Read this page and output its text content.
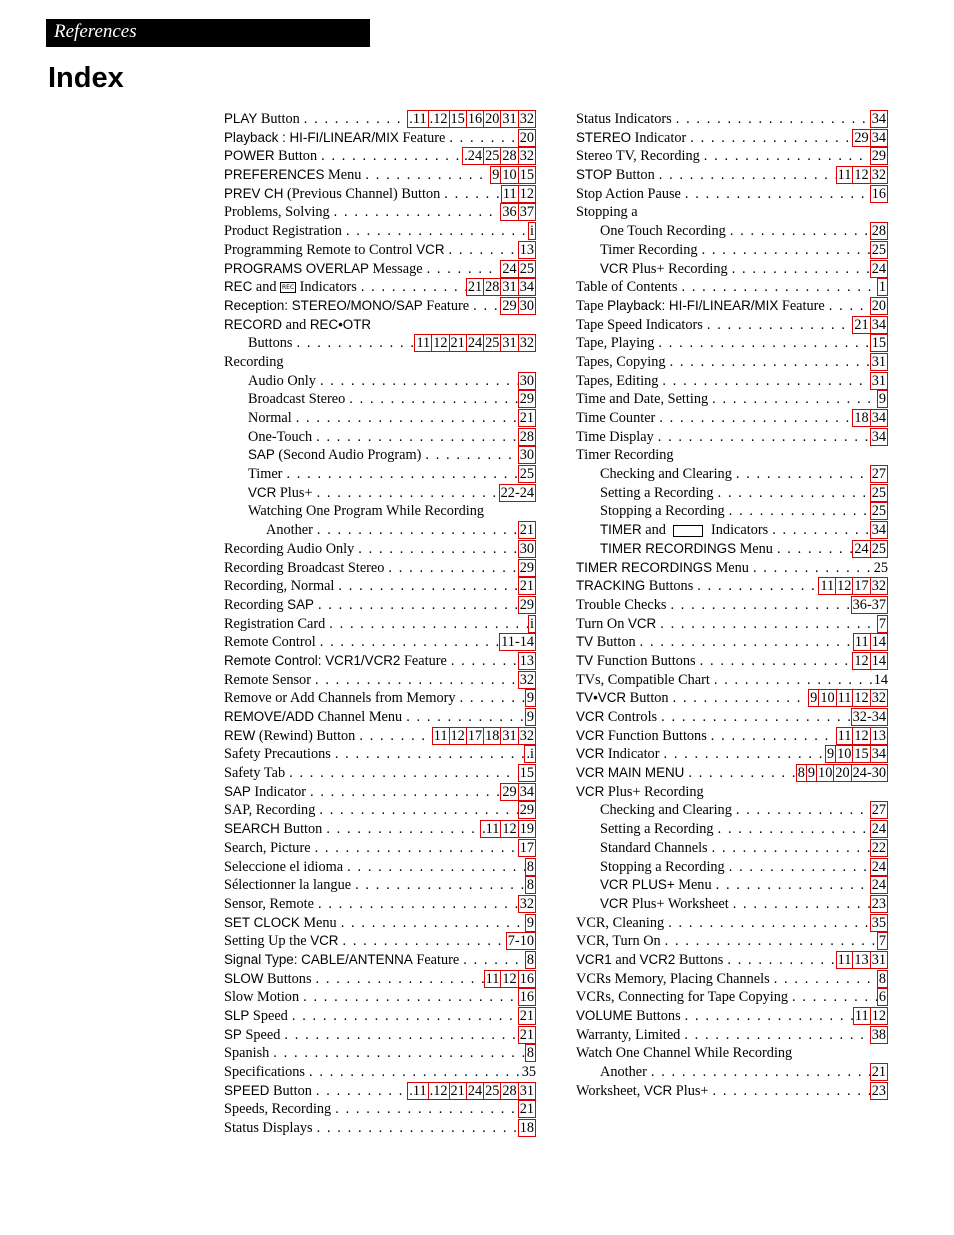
References
Index
PLAY Button . . .	.11 .12 15 16 20 31 32
Playback : HI-FI/LINEAR/MIX Feature . . .	20
POWER Button . . .	.24 25 28 32
PREFERENCES Menu . . .	9 10 15
PREV CH (Previous Channel) Button . . .	11 12
Problems, Solving . . .	36 37
Product Registration . . .	i
Programming Remote to Control VCR . . .	13
PROGRAMS OVERLAP Message . . .	24 25
REC and REC Indicators . . .	21 28 31 34
Reception: STEREO/MONO/SAP Feature . . . 29 30
RECORD and REC•OTR
Buttons . . .	11 12 21 24 25 31 32
Recording
Audio Only . . .	30
Broadcast Stereo . . .	29
Normal . . .	21
One-Touch . . .	28
SAP (Second Audio Program) . . .	30
Timer . . .	25
VCR Plus+ . . .	22-24
Watching One Program While Recording
Another . . .	21
Recording Audio Only . . .	30
Recording Broadcast Stereo . . .	29
Recording, Normal . . .	21
Recording SAP . . .	29
Registration Card . . .	i
Remote Control . . .	11-14
Remote Control: VCR1/VCR2 Feature . . .	13
Remote Sensor . . .	32
Remove or Add Channels from Memory . . .	9
REMOVE/ADD Channel Menu . . .	9
REW (Rewind) Button . . .	11 12 17 18 31 32
Safety Precautions . . .	.i
Safety Tab . . .	15
SAP Indicator . . .	29 34
SAP, Recording . . .	29
SEARCH Button . . .	.11 12 19
Search, Picture . . .	17
Seleccione el idioma . . .	8
Sélectionner la langue . . .	8
Sensor, Remote . . .	32
SET CLOCK Menu . . .	9
Setting Up the VCR . . .	7-10
Signal Type: CABLE/ANTENNA Feature . . .	8
SLOW Buttons . . .	11 12 16
Slow Motion . . .	16
SLP Speed . . .	21
SP Speed . . .	21
Spanish . . .	8
Specifications . . .	35
SPEED Button . . .	.11 .12 21 24 25 28 31
Speeds, Recording . . .	21
Status Displays . . .	18
Status Indicators . . .	34
STEREO Indicator . . .	29 34
Stereo TV, Recording . . .	29
STOP Button . . .	11 12 32
Stop Action Pause . . .	16
Stopping a
One Touch Recording . . .	28
Timer Recording . . .	25
VCR Plus+ Recording . . .	24
Table of Contents . . .	1
Tape Playback: HI-FI/LINEAR/MIX Feature . . .	20
Tape Speed Indicators . . .	21 34
Tape, Playing . . .	15
Tapes, Copying . . .	31
Tapes, Editing . . .	31
Time and Date, Setting . . .	9
Time Counter . . .	18 34
Time Display . . .	34
Timer Recording
Checking and Clearing . . .	27
Setting a Recording . . .	25
Stopping a Recording . . .	25
TIMER and	Indicators . . .	34
TIMER RECORDINGS Menu . . .	24 25
TIMER RECORDINGS Menu . . .	25
TRACKING Buttons . . .	11 12 17 32
Trouble Checks . . .	36-37
Turn On VCR . . .	7
TV Button . . .	11 14
TV Function Buttons . . .	12 14
TVs, Compatible Chart . . .	14
TV•VCR Button . . .	9 10 11 12 32
VCR Controls . . .	32-34
VCR Function Buttons . . .	11 12 13
VCR Indicator . . .	9 10 15 34
VCR MAIN MENU . . .	8 9 10 20 24-30
VCR Plus+ Recording
Checking and Clearing . . .	27
Setting a Recording . . .	24
Standard Channels . . .	22
Stopping a Recording . . .	24
VCR PLUS+ Menu . . .	24
VCR Plus+ Worksheet . . .	23
VCR, Cleaning . . .	35
VCR, Turn On . . .	7
VCR1 and VCR2 Buttons . . .	11 13 31
VCRs Memory, Placing Channels . . .	8
VCRs, Connecting for Tape Copying . . .	6
VOLUME Buttons . . .	11 12
Warranty, Limited . . .	38
Watch One Channel While Recording
Another . . .	21
Worksheet, VCR Plus+ . . .	23
